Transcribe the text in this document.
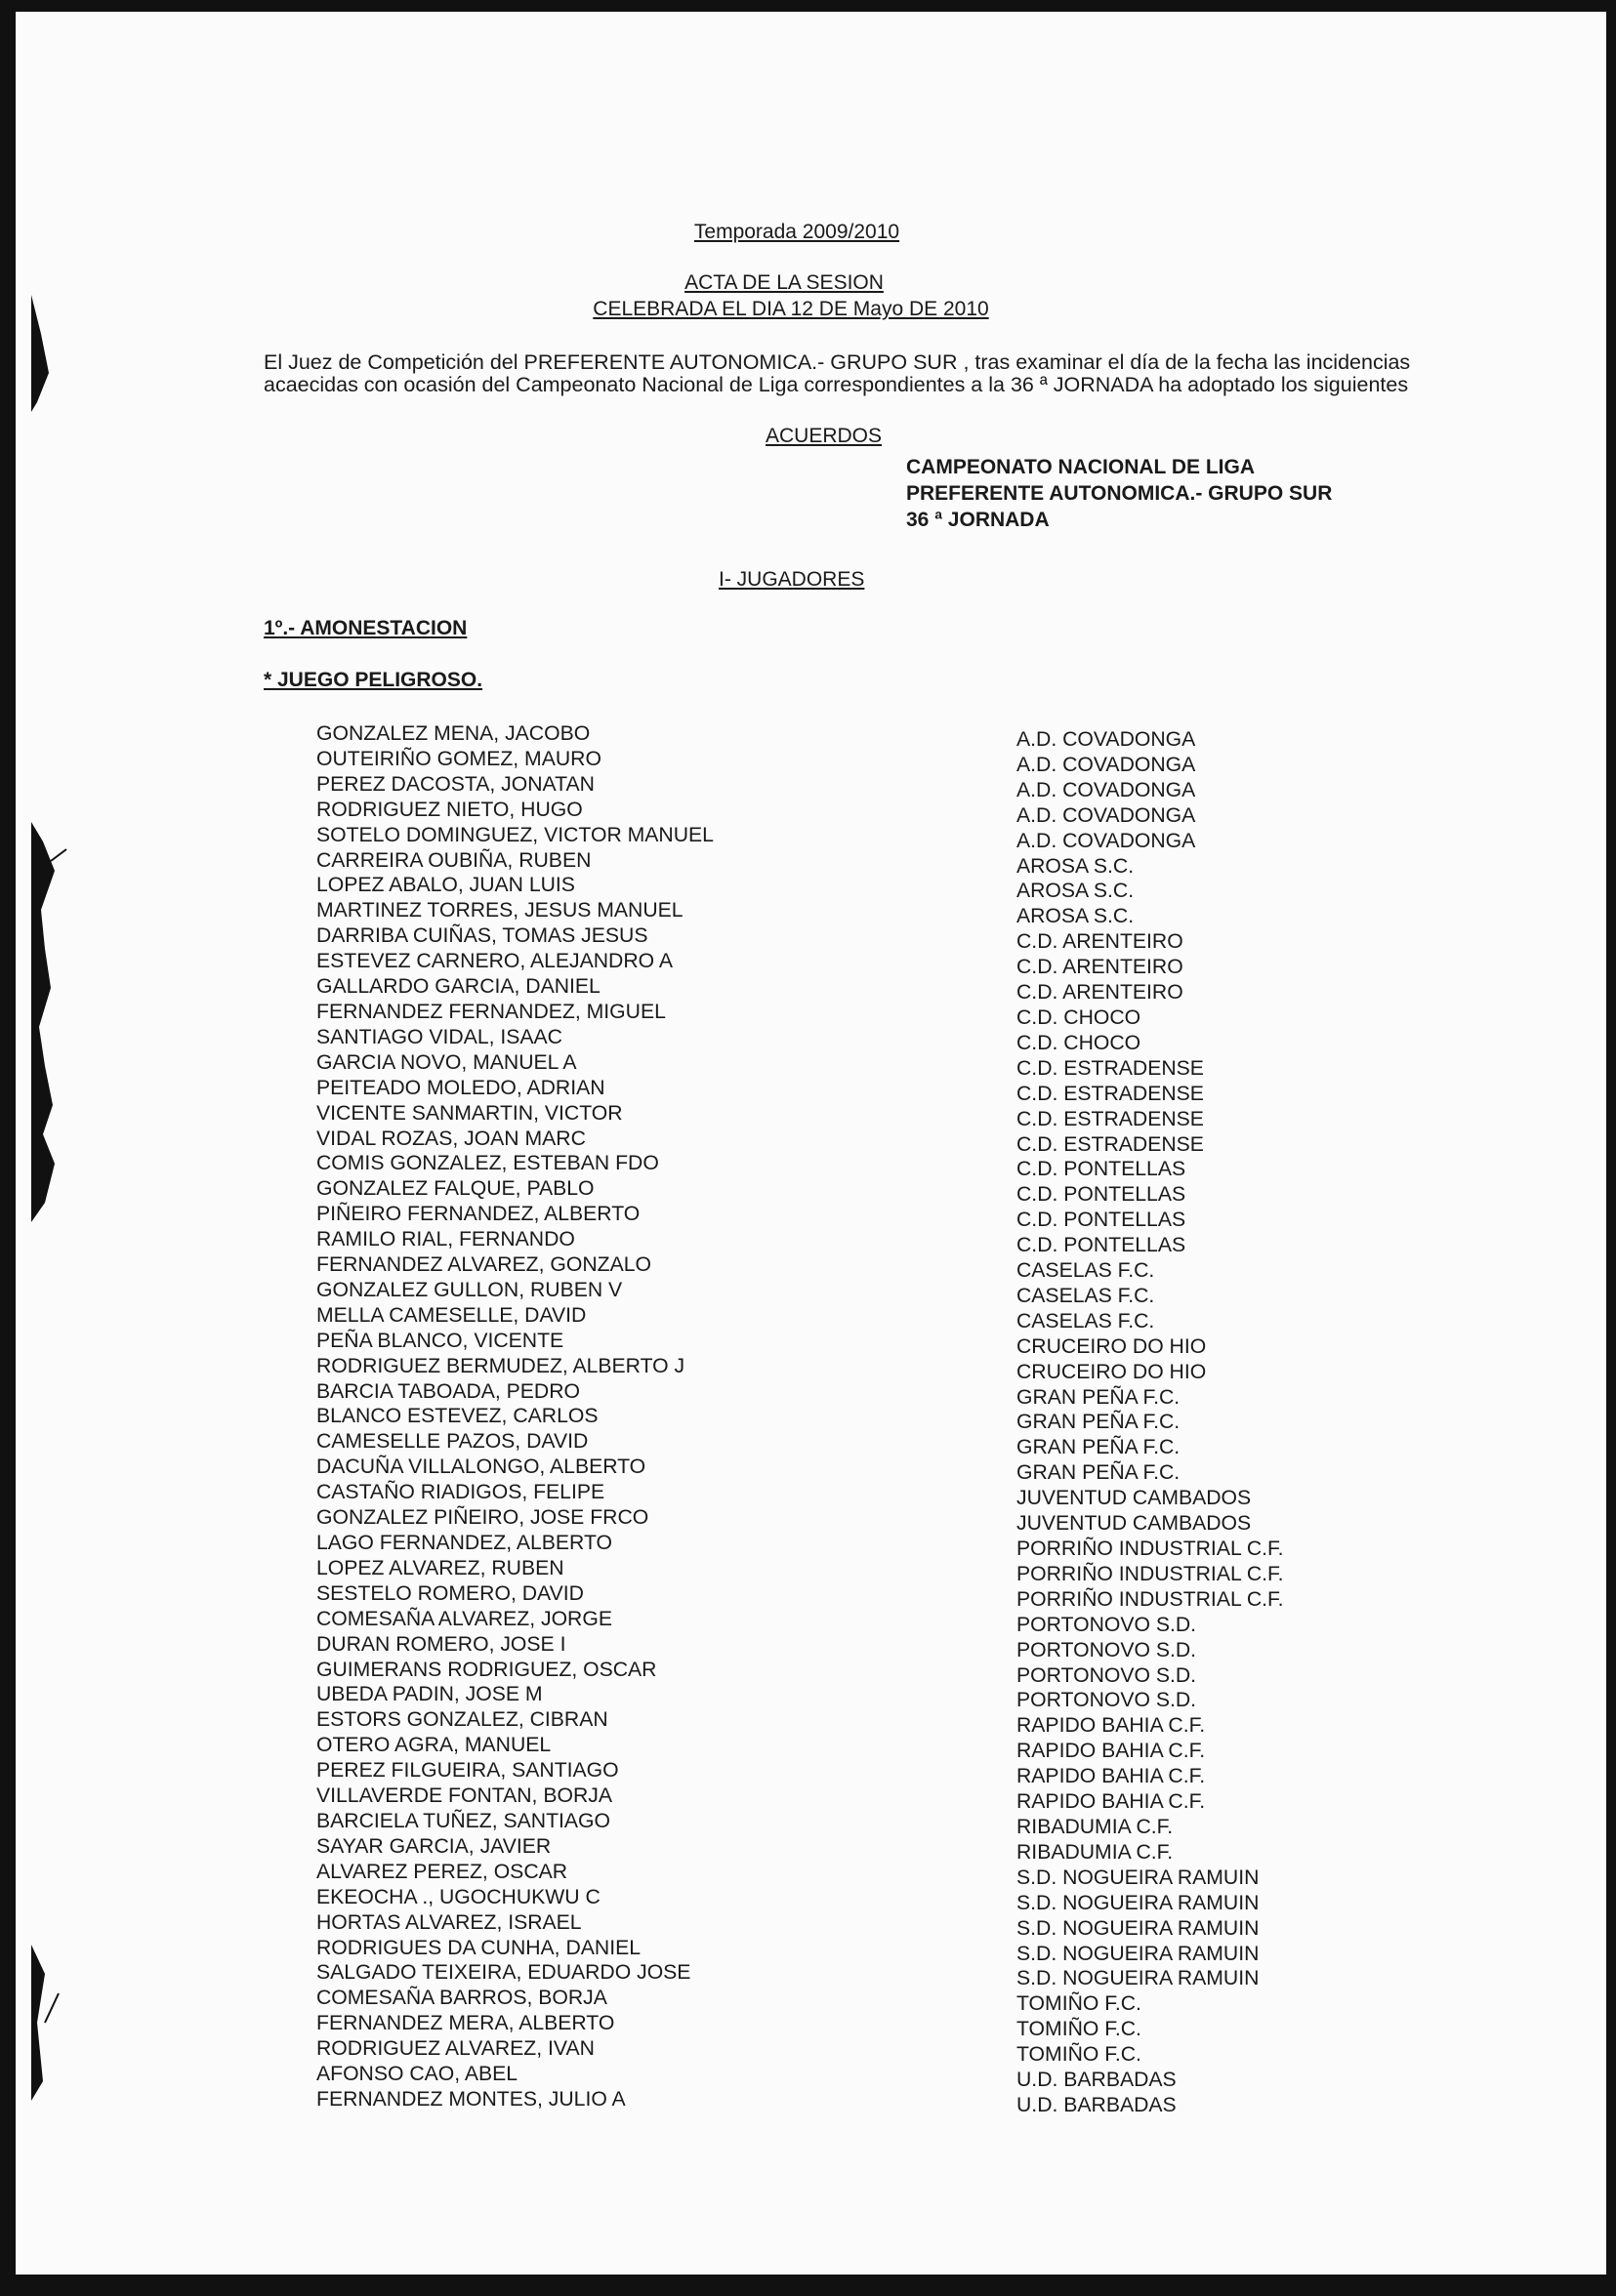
Temporada 2009/2010
ACTA DE LA SESION
CELEBRADA EL DIA 12 DE Mayo DE 2010
El Juez de Competición del PREFERENTE AUTONOMICA.- GRUPO SUR , tras examinar el día de la fecha las incidencias acaecidas con ocasión del Campeonato Nacional de Liga correspondientes a la 36 ª JORNADA ha adoptado los siguientes
ACUERDOS
CAMPEONATO NACIONAL DE LIGA
PREFERENTE AUTONOMICA.- GRUPO SUR
36 ª JORNADA
I- JUGADORES
1º.- AMONESTACION
* JUEGO PELIGROSO.
GONZALEZ MENA, JACOBO
OUTEIRIÑO GOMEZ, MAURO
PEREZ DACOSTA, JONATAN
RODRIGUEZ NIETO, HUGO
SOTELO DOMINGUEZ, VICTOR MANUEL
CARREIRA OUBIÑA, RUBEN
LOPEZ ABALO, JUAN LUIS
MARTINEZ TORRES, JESUS MANUEL
DARRIBA CUIÑAS, TOMAS JESUS
ESTEVEZ CARNERO, ALEJANDRO A
GALLARDO GARCIA, DANIEL
FERNANDEZ FERNANDEZ, MIGUEL
SANTIAGO VIDAL, ISAAC
GARCIA NOVO, MANUEL A
PEITEADO MOLEDO, ADRIAN
VICENTE SANMARTIN, VICTOR
VIDAL ROZAS, JOAN MARC
COMIS GONZALEZ, ESTEBAN FDO
GONZALEZ FALQUE, PABLO
PIÑEIRO FERNANDEZ, ALBERTO
RAMILO RIAL, FERNANDO
FERNANDEZ ALVAREZ, GONZALO
GONZALEZ GULLON, RUBEN V
MELLA CAMESELLE, DAVID
PEÑA BLANCO, VICENTE
RODRIGUEZ BERMUDEZ, ALBERTO J
BARCIA TABOADA, PEDRO
BLANCO ESTEVEZ, CARLOS
CAMESELLE PAZOS, DAVID
DACUÑA VILLALONGO, ALBERTO
CASTAÑO RIADIGOS, FELIPE
GONZALEZ PIÑEIRO, JOSE FRCO
LAGO FERNANDEZ, ALBERTO
LOPEZ ALVAREZ, RUBEN
SESTELO ROMERO, DAVID
COMESAÑA ALVAREZ, JORGE
DURAN ROMERO, JOSE I
GUIMERANS RODRIGUEZ, OSCAR
UBEDA PADIN, JOSE M
ESTORS GONZALEZ, CIBRAN
OTERO AGRA, MANUEL
PEREZ FILGUEIRA, SANTIAGO
VILLAVERDE FONTAN, BORJA
BARCIELA TUÑEZ, SANTIAGO
SAYAR GARCIA, JAVIER
ALVAREZ PEREZ, OSCAR
EKEOCHA ., UGOCHUKWU C
HORTAS ALVAREZ, ISRAEL
RODRIGUES DA CUNHA, DANIEL
SALGADO TEIXEIRA, EDUARDO JOSE
COMESAÑA BARROS, BORJA
FERNANDEZ MERA, ALBERTO
RODRIGUEZ ALVAREZ, IVAN
AFONSO CAO, ABEL
FERNANDEZ MONTES, JULIO A
A.D. COVADONGA
A.D. COVADONGA
A.D. COVADONGA
A.D. COVADONGA
A.D. COVADONGA
AROSA S.C.
AROSA S.C.
AROSA S.C.
C.D. ARENTEIRO
C.D. ARENTEIRO
C.D. ARENTEIRO
C.D. CHOCO
C.D. CHOCO
C.D. ESTRADENSE
C.D. ESTRADENSE
C.D. ESTRADENSE
C.D. ESTRADENSE
C.D. PONTELLAS
C.D. PONTELLAS
C.D. PONTELLAS
C.D. PONTELLAS
CASELAS F.C.
CASELAS F.C.
CASELAS F.C.
CRUCEIRO DO HIO
CRUCEIRO DO HIO
GRAN PEÑA F.C.
GRAN PEÑA F.C.
GRAN PEÑA F.C.
GRAN PEÑA F.C.
JUVENTUD CAMBADOS
JUVENTUD CAMBADOS
PORRIÑO INDUSTRIAL C.F.
PORRIÑO INDUSTRIAL C.F.
PORRIÑO INDUSTRIAL C.F.
PORTONOVO S.D.
PORTONOVO S.D.
PORTONOVO S.D.
PORTONOVO S.D.
RAPIDO BAHIA C.F.
RAPIDO BAHIA C.F.
RAPIDO BAHIA C.F.
RAPIDO BAHIA C.F.
RIBADUMIA C.F.
RIBADUMIA C.F.
S.D. NOGUEIRA RAMUIN
S.D. NOGUEIRA RAMUIN
S.D. NOGUEIRA RAMUIN
S.D. NOGUEIRA RAMUIN
S.D. NOGUEIRA RAMUIN
TOMIÑO F.C.
TOMIÑO F.C.
TOMIÑO F.C.
U.D. BARBADAS
U.D. BARBADAS
